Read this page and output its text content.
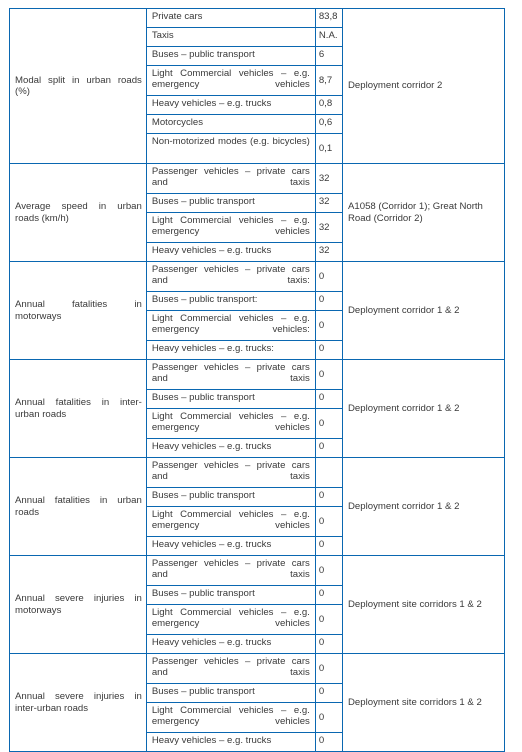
Modal split in urban roads (%)	Private cars	83,8	Deployment corridor 2
	Taxis	N.A.	
	Buses – public transport	6	
	Light Commercial vehicles – e.g. emergency vehicles	8,7	
	Heavy vehicles – e.g. trucks	0,8	
	Motorcycles	0,6	
	Non-motorized modes (e.g. bicycles)	0,1	
Average speed in urban roads (km/h)	Passenger vehicles – private cars and taxis	32	A1058 (Corridor 1); Great North Road (Corridor 2)
	Buses – public transport	32	
	Light Commercial vehicles – e.g. emergency vehicles	32	
	Heavy vehicles – e.g. trucks	32	
Annual fatalities in motorways	Passenger vehicles – private cars and taxis:	0	Deployment corridor 1 & 2
	Buses – public transport:	0	
	Light Commercial vehicles – e.g. emergency vehicles:	0	
	Heavy vehicles – e.g. trucks:	0	
Annual fatalities in inter-urban roads	Passenger vehicles – private cars and taxis	0	Deployment corridor 1 & 2
	Buses – public transport	0	
	Light Commercial vehicles – e.g. emergency vehicles	0	
	Heavy vehicles – e.g. trucks	0	
Annual fatalities in urban roads	Passenger vehicles – private cars and taxis		Deployment corridor 1 & 2
	Buses – public transport	0	
	Light Commercial vehicles – e.g. emergency vehicles	0	
	Heavy vehicles – e.g. trucks	0	
Annual severe injuries in motorways	Passenger vehicles – private cars and taxis	0	Deployment site corridors 1 & 2
	Buses – public transport	0	
	Light Commercial vehicles – e.g. emergency vehicles	0	
	Heavy vehicles – e.g. trucks	0	
Annual severe injuries in inter-urban roads	Passenger vehicles – private cars and taxis	0	Deployment site corridors 1 & 2
	Buses – public transport	0	
	Light Commercial vehicles – e.g. emergency vehicles	0	
	Heavy vehicles – e.g. trucks	0	
